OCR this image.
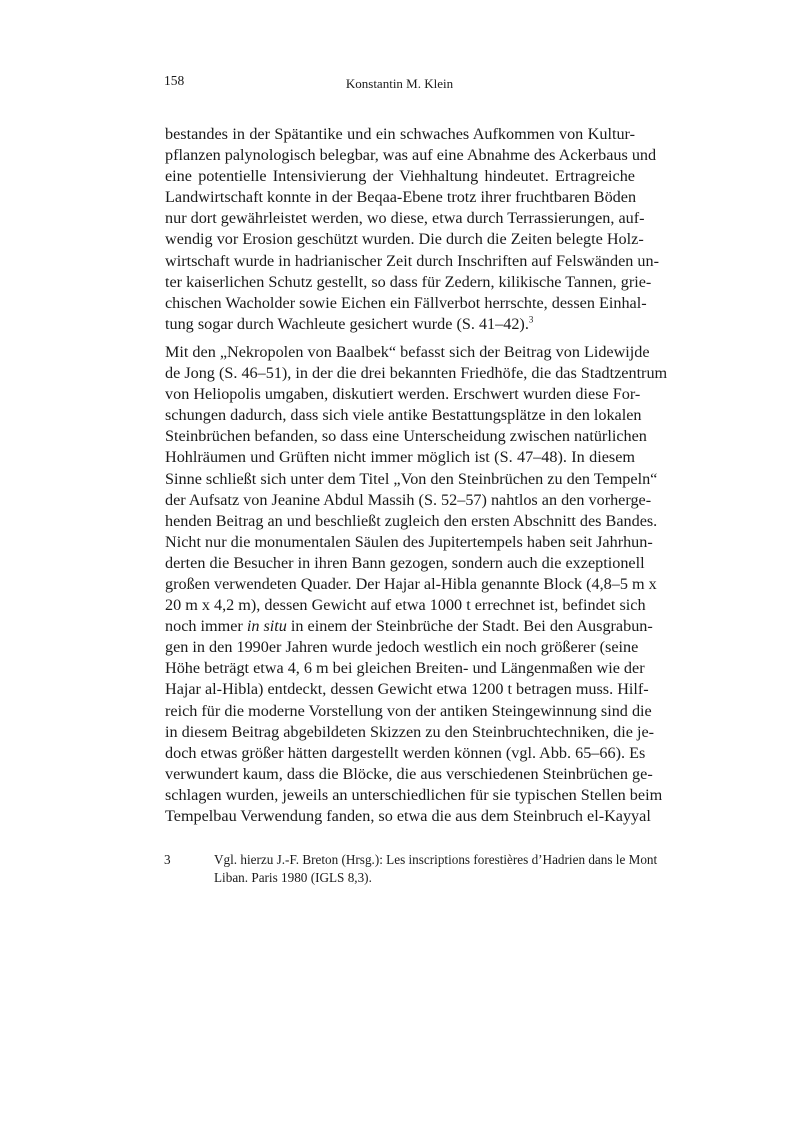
158	Konstantin M. Klein

bestandes in der Spätantike und ein schwaches Aufkommen von Kultur-
pflanzen palynologisch belegbar, was auf eine Abnahme des Ackerbaus und
eine potentielle Intensivierung der Viehhaltung hindeutet. Ertragreiche
Landwirtschaft konnte in der Beqaa-Ebene trotz ihrer fruchtbaren Böden
nur dort gewährleistet werden, wo diese, etwa durch Terrassierungen, auf-
wendig vor Erosion geschützt wurden. Die durch die Zeiten belegte Holz-
wirtschaft wurde in hadrianischer Zeit durch Inschriften auf Felswänden un-
ter kaiserlichen Schutz gestellt, so dass für Zedern, kilikische Tannen, grie-
chischen Wacholder sowie Eichen ein Fällverbot herrschte, dessen Einhal-
tung sogar durch Wachleute gesichert wurde (S. 41–42).$^3$

Mit den „Nekropolen von Baalbek“ befasst sich der Beitrag von Lidewijde
de Jong (S. 46–51), in der die drei bekannten Friedhöfe, die das Stadtzentrum
von Heliopolis umgaben, diskutiert werden. Erschwert wurden diese For-
schungen dadurch, dass sich viele antike Bestattungsplätze in den lokalen
Steinbrüchen befanden, so dass eine Unterscheidung zwischen natürlichen
Hohlräumen und Grüften nicht immer möglich ist (S. 47–48). In diesem
Sinne schließt sich unter dem Titel „Von den Steinbrüchen zu den Tempeln“
der Aufsatz von Jeanine Abdul Massih (S. 52–57) nahtlos an den vorherge-
henden Beitrag an und beschließt zugleich den ersten Abschnitt des Bandes.
Nicht nur die monumentalen Säulen des Jupitertempels haben seit Jahrhun-
derten die Besucher in ihren Bann gezogen, sondern auch die exzeptionell
großen verwendeten Quader. Der Hajar al-Hibla genannte Block (4,8–5 m x
20 m x 4,2 m), dessen Gewicht auf etwa 1000 t errechnet ist, befindet sich
noch immer in situ in einem der Steinbrüche der Stadt. Bei den Ausgrabun-
gen in den 1990er Jahren wurde jedoch westlich ein noch größerer (seine
Höhe beträgt etwa 4, 6 m bei gleichen Breiten- und Längenmaßen wie der
Hajar al-Hibla) entdeckt, dessen Gewicht etwa 1200 t betragen muss. Hilf-
reich für die moderne Vorstellung von der antiken Steingewinnung sind die
in diesem Beitrag abgebildeten Skizzen zu den Steinbruchtechniken, die je-
doch etwas größer hätten dargestellt werden können (vgl. Abb. 65–66). Es
verwundert kaum, dass die Blöcke, die aus verschiedenen Steinbrüchen ge-
schlagen wurden, jeweils an unterschiedlichen für sie typischen Stellen beim
Tempelbau Verwendung fanden, so etwa die aus dem Steinbruch el-Kayyal

3	Vgl. hierzu J.-F. Breton (Hrsg.): Les inscriptions forestières d’Hadrien dans le Mont
Liban. Paris 1980 (IGLS 8,3).
